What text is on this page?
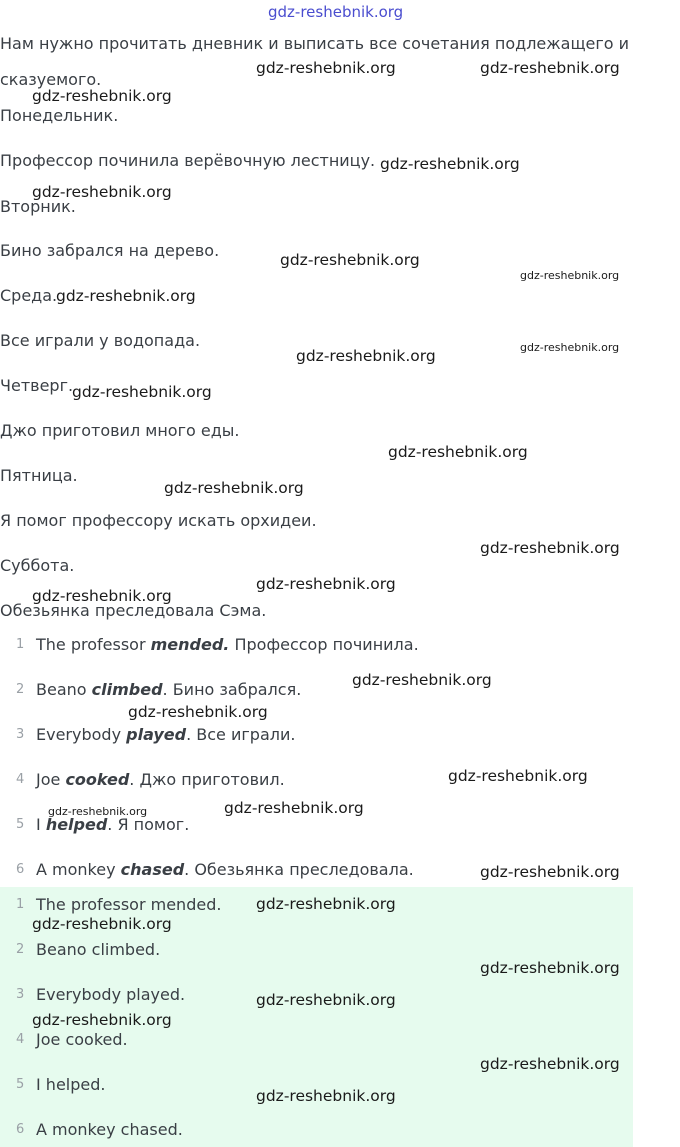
Нам нужно прочитать дневник и выписать все сочетания подлежащего и
сказуемого.
Понедельник.
Профессор починила верёвочную лестницу.
Вторник.
Бино забрался на дерево.
Среда.
Все играли у водопада.
Четверг.
Джо приготовил много еды.
Пятница.
Я помог профессору искать орхидеи.
Суббота.
Обезьянка преследовала Сэма.
1 The professor mended. Профессор починила.
2 Beano climbed. Бино забрался.
3 Everybody played. Все играли.
4 Joe cooked. Джо приготовил.
5 I helped. Я помог.
6 A monkey chased. Обезьянка преследовала.
1 The professor mended.
2 Beano climbed.
3 Everybody played.
4 Joe cooked.
5 I helped.
6 A monkey chased.
gdz-reshebnik.org
gdz-reshebnik.org	gdz-reshebnik.org
gdz-reshebnik.org
gdz-reshebnik.org
gdz-reshebnik.org
gdz-reshebnik.org
gdz-reshebnik.org
gdz-reshebnik.org
gdz-reshebnik.org
gdz-reshebnik.org
gdz-reshebnik.org
gdz-reshebnik.org
gdz-reshebnik.org
gdz-reshebnik.org
gdz-reshebnik.org
gdz-reshebnik.org
gdz-reshebnik.org
gdz-reshebnik.org
gdz-reshebnik.org
gdz-reshebnik.org	gdz-reshebnik.org
gdz-reshebnik.org
gdz-reshebnik.org
gdz-reshebnik.org
gdz-reshebnik.org
gdz-reshebnik.org
gdz-reshebnik.org
gdz-reshebnik.org
gdz-reshebnik.org
